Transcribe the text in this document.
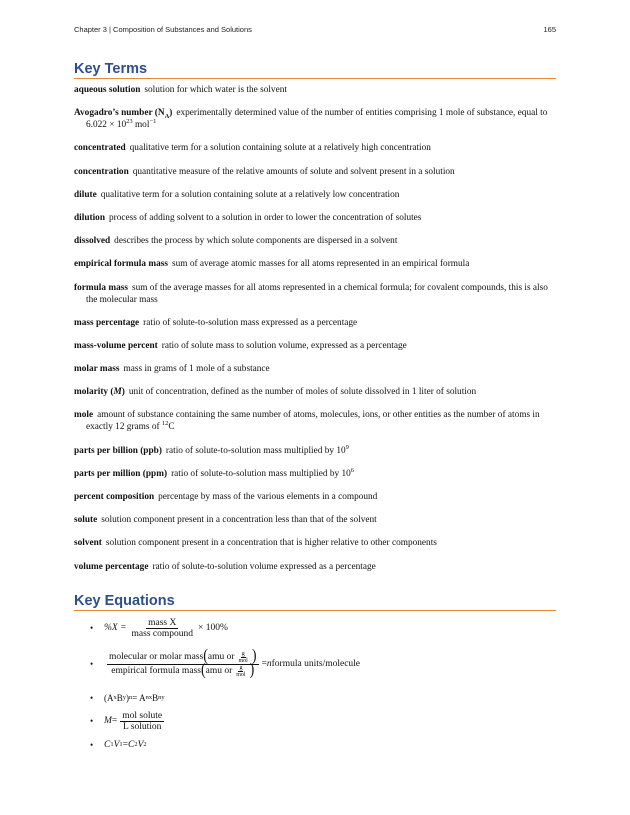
Chapter 3 | Composition of Substances and Solutions	165
Key Terms

aqueous solution solution for which water is the solvent

Avogadro’s number $(N_A)$ experimentally determined value of the number of entities comprising 1 mole of substance, equal to $6.022 \times 10^{23}$ mol$^{-1}$

concentrated qualitative term for a solution containing solute at a relatively high concentration

concentration quantitative measure of the relative amounts of solute and solvent present in a solution

dilute qualitative term for a solution containing solute at a relatively low concentration

dilution process of adding solvent to a solution in order to lower the concentration of solutes

dissolved describes the process by which solute components are dispersed in a solvent

empirical formula mass sum of average atomic masses for all atoms represented in an empirical formula

formula mass sum of the average masses for all atoms represented in a chemical formula; for covalent compounds, this is also the molecular mass

mass percentage ratio of solute-to-solution mass expressed as a percentage

mass-volume percent ratio of solute mass to solution volume, expressed as a percentage

molar mass mass in grams of 1 mole of a substance

molarity (M) unit of concentration, defined as the number of moles of solute dissolved in 1 liter of solution

mole amount of substance containing the same number of atoms, molecules, ions, or other entities as the number of atoms in exactly 12 grams of $^{12}$C

parts per billion (ppb) ratio of solute-to-solution mass multiplied by $10^9$

parts per million (ppm) ratio of solute-to-solution mass multiplied by $10^6$

percent composition percentage by mass of the various elements in a compound

solute solution component present in a concentration less than that of the solvent

solvent solution component present in a concentration that is higher relative to other components

volume percentage ratio of solute-to-solution volume expressed as a percentage

Key Equations
• $\%X = \frac{\text{mass X}}{\text{mass compound}} \times 100\%$
• $\frac{molecular or molar mass ( amu or \frac{g}{\text{mol}} )}{empirical formula mass ( amu or \frac{g}{\text{mol}} )} = n$ formula units/molecule
• (A x B y ) n = A nx B ny
• $M = \frac{\text{mol solute}}{\text{L solution}}$
• C 1 V 1 = C 2 V 2
